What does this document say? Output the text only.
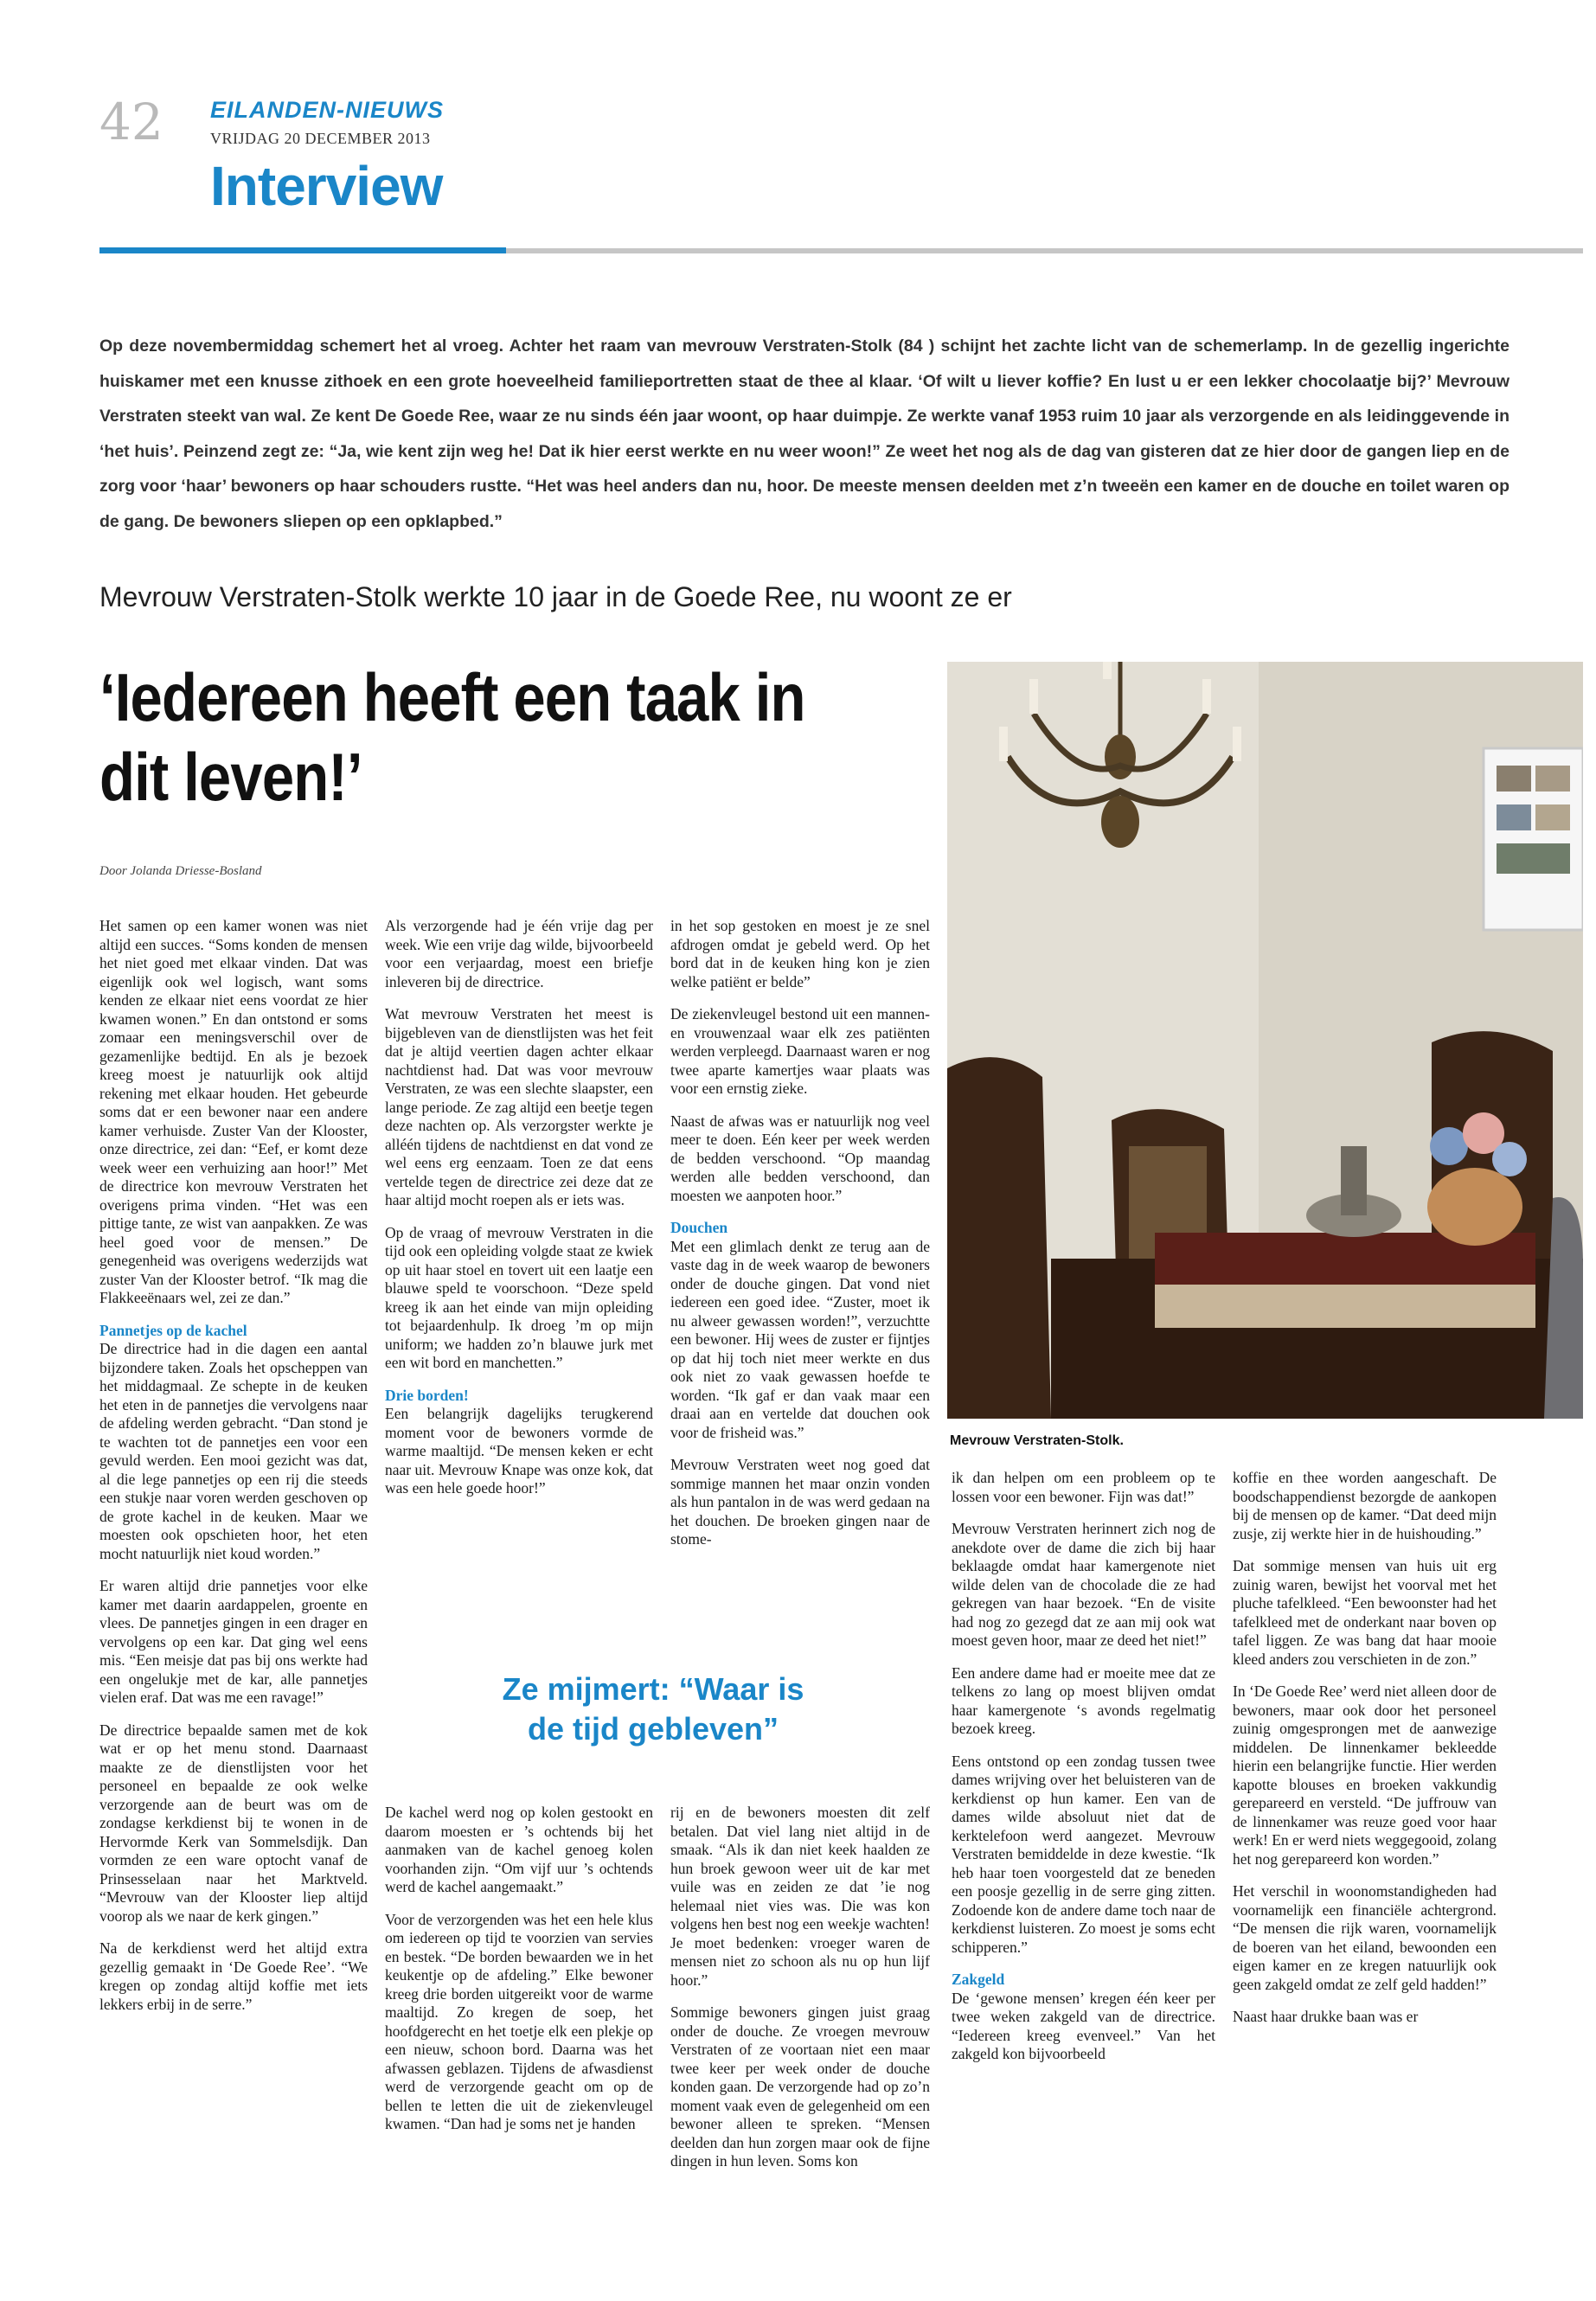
42 EILANDEN-NIEUWS
VRIJDAG 20 DECEMBER 2013
Interview
Op deze novembermiddag schemert het al vroeg. Achter het raam van mevrouw Verstraten-Stolk (84 ) schijnt het zachte licht van de schemerlamp. In de gezellig ingerichte huiskamer met een knusse zithoek en een grote hoeveelheid familieportretten staat de thee al klaar. ‘Of wilt u liever koffie? En lust u er een lekker chocolaatje bij?’ Mevrouw Verstraten steekt van wal. Ze kent De Goede Ree, waar ze nu sinds één jaar woont, op haar duimpje. Ze werkte vanaf 1953 ruim 10 jaar als verzorgende en als leidinggevende in ‘het huis’. Peinzend zegt ze: “Ja, wie kent zijn weg he! Dat ik hier eerst werkte en nu weer woon!” Ze weet het nog als de dag van gisteren dat ze hier door de gangen liep en de zorg voor ‘haar’ bewoners op haar schouders rustte. “Het was heel anders dan nu, hoor. De meeste mensen deelden met z’n tweeën een kamer en de douche en toilet waren op de gang. De bewoners sliepen op een opklapbed.”
Mevrouw Verstraten-Stolk werkte 10 jaar in de Goede Ree, nu woont ze er
‘Iedereen heeft een taak in dit leven!’
Door Jolanda Driesse-Bosland

Het samen op een kamer wonen was niet altijd een succes. “Soms konden de mensen het niet goed met elkaar vinden. Dat was eigenlijk ook wel logisch, want soms kenden ze elkaar niet eens voordat ze hier kwamen wonen.” En dan ontstond er soms zomaar een meningsverschil over de gezamenlijke bedtijd. En als je bezoek kreeg moest je natuurlijk ook altijd rekening met elkaar houden. Het gebeurde soms dat er een bewoner naar een andere kamer verhuisde. Zuster Van der Klooster, onze directrice, zei dan: “Eef, er komt deze week weer een verhuizing aan hoor!” Met de directrice kon mevrouw Verstraten het overigens prima vinden. “Het was een pittige tante, ze wist van aanpakken. Ze was heel goed voor de mensen.” De genegenheid was overigens wederzijds wat zuster Van der Klooster betrof. “Ik mag die Flakkeeënaars wel, zei ze dan.”

Pannetjes op de kachel

De directrice had in die dagen een aantal bijzondere taken. Zoals het opscheppen van het middagmaal. Ze schepte in de keuken het eten in de pannetjes die vervolgens naar de afdeling werden gebracht. “Dan stond je te wachten tot de pannetjes een voor een gevuld werden. Een mooi gezicht was dat, al die lege pannetjes op een rij die steeds een stukje naar voren werden geschoven op de grote kachel in de keuken. Maar we moesten ook opschieten hoor, het eten mocht natuurlijk niet koud worden.”

Er waren altijd drie pannetjes voor elke kamer met daarin aardappelen, groente en vlees. De pannetjes gingen in een drager en vervolgens op een kar. Dat ging wel eens mis. “Een meisje dat pas bij ons werkte had een ongelukje met de kar, alle pannetjes vielen eraf. Dat was me een ravage!”

De directrice bepaalde samen met de kok wat er op het menu stond. Daarnaast maakte ze de dienstlijsten voor het personeel en bepaalde ze ook welke verzorgende aan de beurt was om de zondagse kerkdienst bij te wonen in de Hervormde Kerk van Sommelsdijk. Dan vormden ze een ware optocht vanaf de Prinsesselaan naar het Marktveld. “Mevrouw van der Klooster liep altijd voorop als we naar de kerk gingen.”

Na de kerkdienst werd het altijd extra gezellig gemaakt in ‘De Goede Ree’. “We kregen op zondag altijd koffie met iets lekkers erbij in de serre.”

Als verzorgende had je één vrije dag per week. Wie een vrije dag wilde, bijvoorbeeld voor een verjaardag, moest een briefje inleveren bij de directrice.

Wat mevrouw Verstraten het meest is bijgebleven van de dienstlijsten was het feit dat je altijd veertien dagen achter elkaar nachtdienst had. Dat was voor mevrouw Verstraten, ze was een slechte slaapster, een lange periode. Ze zag altijd een beetje tegen deze nachten op. Als verzorgster werkte je alléén tijdens de nachtdienst en dat vond ze wel eens erg eenzaam. Toen ze dat eens vertelde tegen de directrice zei deze dat ze haar altijd mocht roepen als er iets was.

Op de vraag of mevrouw Verstraten in die tijd ook een opleiding volgde staat ze kwiek op uit haar stoel en tovert uit een laatje een blauwe speld te voorschoon. “Deze speld kreeg ik aan het einde van mijn opleiding tot bejaardenhulp. Ik droeg ’m op mijn uniform; we hadden zo’n blauwe jurk met een wit bord en manchetten.”

Drie borden!

Een belangrijk dagelijks terugkerend moment voor de bewoners vormde de warme maaltijd. “De mensen keken er echt naar uit. Mevrouw Knape was onze kok, dat was een hele goede hoor!”

in het sop gestoken en moest je ze snel afdrogen omdat je gebeld werd. Op het bord dat in de keuken hing kon je zien welke patiënt er belde”

De ziekenvleugel bestond uit een mannen- en vrouwenzaal waar elk zes patiënten werden verpleegd. Daarnaast waren er nog twee aparte kamertjes waar plaats was voor een ernstig zieke.

Naast de afwas was er natuurlijk nog veel meer te doen. Eén keer per week werden de bedden verschoond. “Op maandag werden alle bedden verschoond, dan moesten we aanpoten hoor.”

Douchen

Met een glimlach denkt ze terug aan de vaste dag in de week waarop de bewoners onder de douche gingen. Dat vond niet iedereen een goed idee. “Zuster, moet ik nu alweer gewassen worden!”, verzuchtte een bewoner. Hij wees de zuster er fijntjes op dat hij toch niet meer werkte en dus ook niet zo vaak gewassen hoefde te worden. “Ik gaf er dan vaak maar een draai aan en vertelde dat douchen ook voor de frisheid was.”

Mevrouw Verstraten weet nog goed dat sommige mannen het maar onzin vonden als hun pantalon in de was werd gedaan na het douchen. De broeken gingen naar de stome-

Ze mijmert: “Waar is de tijd gebleven”

De kachel werd nog op kolen gestookt en daarom moesten er ’s ochtends bij het aanmaken van de kachel genoeg kolen voorhanden zijn. “Om vijf uur ’s ochtends werd de kachel aangemaakt.”

Voor de verzorgenden was het een hele klus om iedereen op tijd te voorzien van servies en bestek. “De borden bewaarden we in het keukentje op de afdeling.” Elke bewoner kreeg drie borden uitgereikt voor de warme maaltijd. Zo kregen de soep, het hoofdgerecht en het toetje elk een plekje op een nieuw, schoon bord. Daarna was het afwassen geblazen. Tijdens de afwasdienst werd de verzorgende geacht om op de bellen te letten die uit de ziekenvleugel kwamen. “Dan had je soms net je handen

rij en de bewoners moesten dit zelf betalen. Dat viel lang niet altijd in de smaak. “Als ik dan niet keek haalden ze hun broek gewoon weer uit de kar met vuile was en zeiden ze dat ’ie nog helemaal niet vies was. Die was kon volgens hen best nog een weekje wachten! Je moet bedenken: vroeger waren de mensen niet zo schoon als nu op hun lijf hoor.”

Sommige bewoners gingen juist graag onder de douche. Ze vroegen mevrouw Verstraten of ze voortaan niet een maar twee keer per week onder de douche konden gaan. De verzorgende had op zo’n moment vaak even de gelegenheid om een bewoner alleen te spreken. “Mensen deelden dan hun zorgen maar ook de fijne dingen in hun leven. Soms kon

Mevrouw Verstraten-Stolk.

ik dan helpen om een probleem op te lossen voor een bewoner. Fijn was dat!”

Mevrouw Verstraten herinnert zich nog de anekdote over de dame die zich bij haar beklaagde omdat haar kamergenote niet wilde delen van de chocolade die ze had gekregen van haar bezoek. “En de visite had nog zo gezegd dat ze aan mij ook wat moest geven hoor, maar ze deed het niet!”

Een andere dame had er moeite mee dat ze telkens zo lang op moest blijven omdat haar kamergenote ‘s avonds regelmatig bezoek kreeg.

Eens ontstond op een zondag tussen twee dames wrijving over het beluisteren van de kerkdienst op hun kamer. Een van de dames wilde absoluut niet dat de kerktelefoon werd aangezet. Mevrouw Verstraten bemiddelde in deze kwestie. “Ik heb haar toen voorgesteld dat ze beneden een poosje gezellig in de serre ging zitten. Zodoende kon de andere dame toch naar de kerkdienst luisteren. Zo moest je soms echt schipperen.”

Zakgeld

De ‘gewone mensen’ kregen één keer per twee weken zakgeld van de directrice. “Iedereen kreeg evenveel.” Van het zakgeld kon bijvoorbeeld

koffie en thee worden aangeschaft. De boodschappendienst bezorgde de aankopen bij de mensen op de kamer. “Dat deed mijn zusje, zij werkte hier in de huishouding.”

Dat sommige mensen van huis uit erg zuinig waren, bewijst het voorval met het pluche tafelkleed. “Een bewoonster had het tafelkleed met de onderkant naar boven op tafel liggen. Ze was bang dat haar mooie kleed anders zou verschieten in de zon.”

In ‘De Goede Ree’ werd niet alleen door de bewoners, maar ook door het personeel zuinig omgesprongen met de aanwezige middelen. De linnenkamer bekleedde hierin een belangrijke functie. Hier werden kapotte blouses en broeken vakkundig gerepareerd en versteld. “De juffrouw van de linnenkamer was reuze goed voor haar werk! En er werd niets weggegooid, zolang het nog gerepareerd kon worden.”

Het verschil in woonomstandigheden had voornamelijk een financiële achtergrond. “De mensen die rijk waren, voornamelijk de boeren van het eiland, bewoonden een eigen kamer en ze kregen natuurlijk ook geen zakgeld omdat ze zelf geld hadden!”

Naast haar drukke baan was er
